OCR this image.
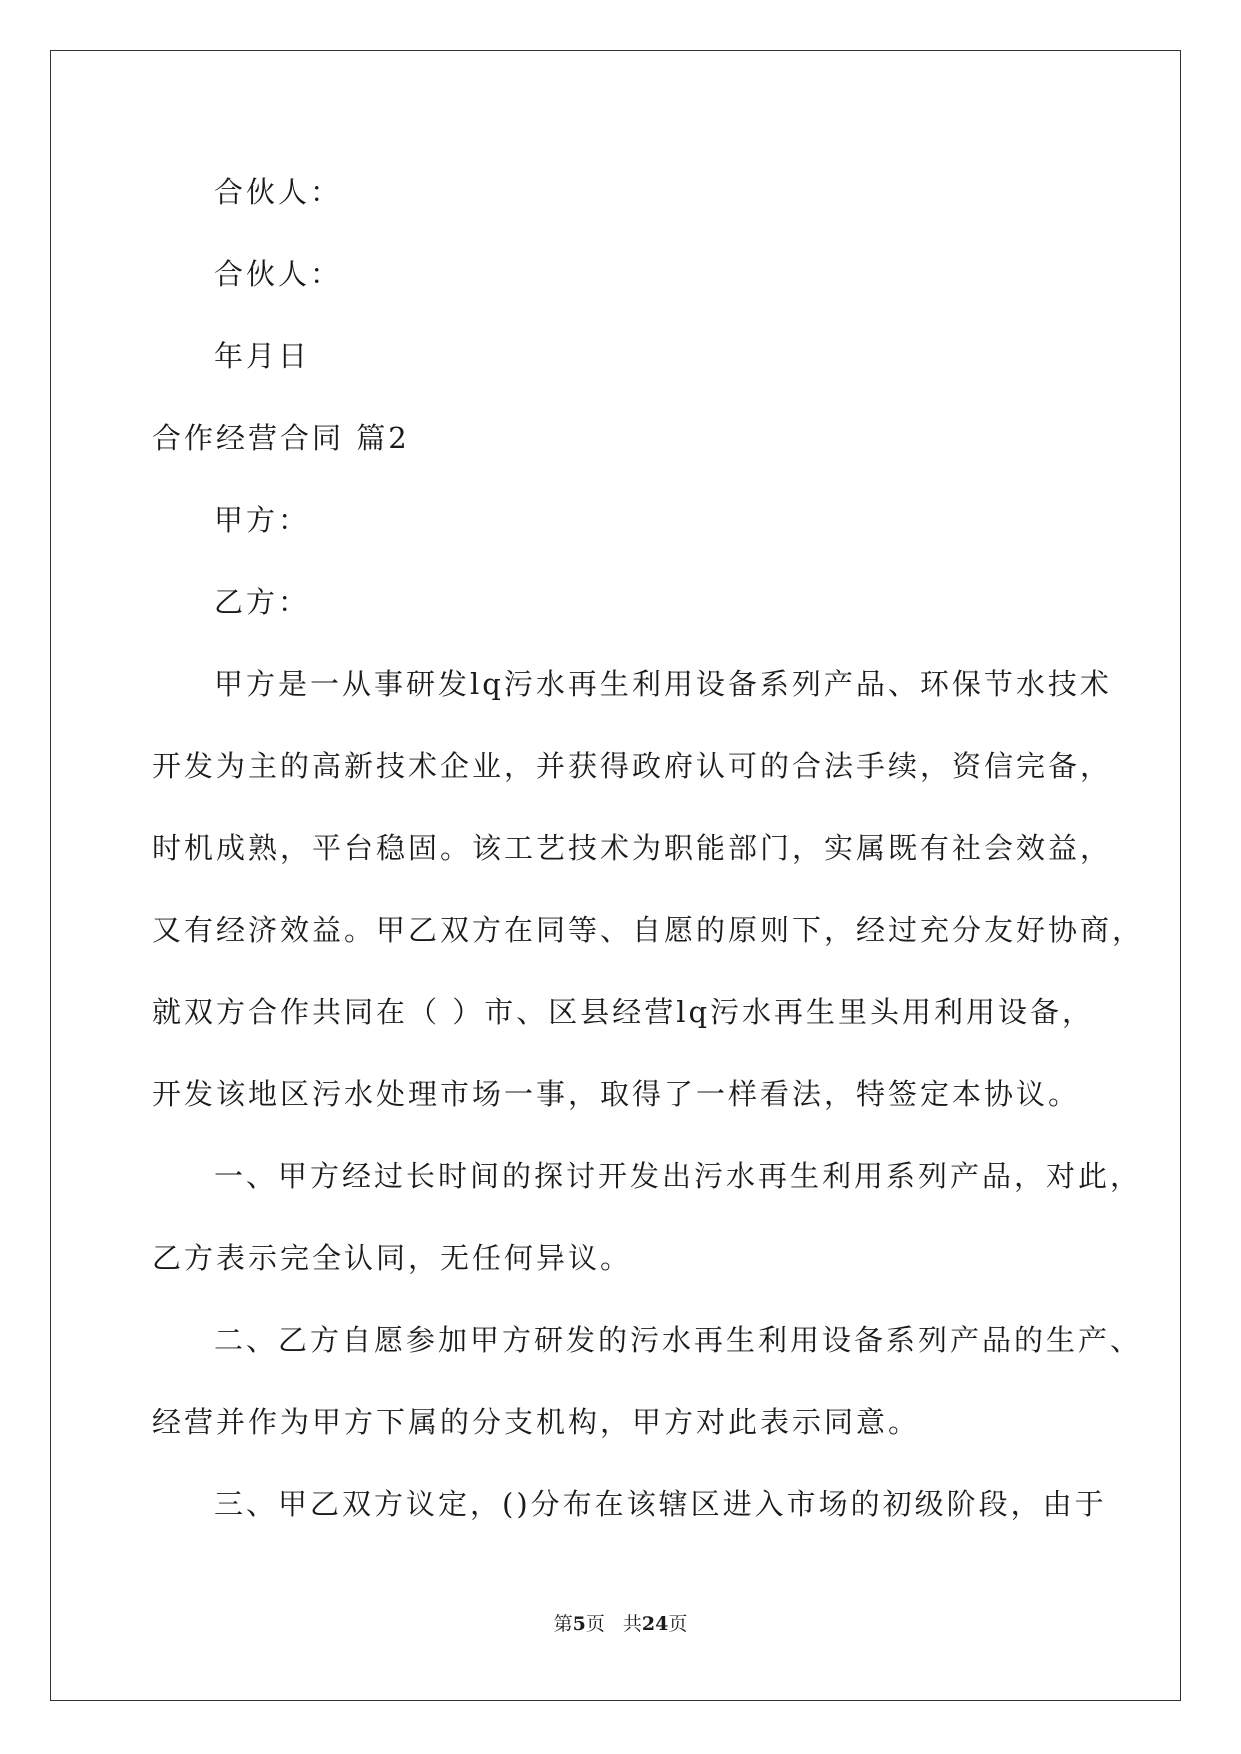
合伙人：
合伙人：
年月日
合作经营合同 篇2
甲方：
乙方：
甲方是一从事研发lq污水再生利用设备系列产品、环保节水技术
开发为主的高新技术企业，并获得政府认可的合法手续，资信完备，
时机成熟，平台稳固。该工艺技术为职能部门，实属既有社会效益，
又有经济效益。甲乙双方在同等、自愿的原则下，经过充分友好协商，
就双方合作共同在（ ）市、区县经营lq污水再生里头用利用设备，
开发该地区污水处理市场一事，取得了一样看法，特签定本协议。
一、甲方经过长时间的探讨开发出污水再生利用系列产品，对此，
乙方表示完全认同，无任何异议。
二、乙方自愿参加甲方研发的污水再生利用设备系列产品的生产、
经营并作为甲方下属的分支机构，甲方对此表示同意。
三、甲乙双方议定，()分布在该辖区进入市场的初级阶段，由于
第5页 共24页
